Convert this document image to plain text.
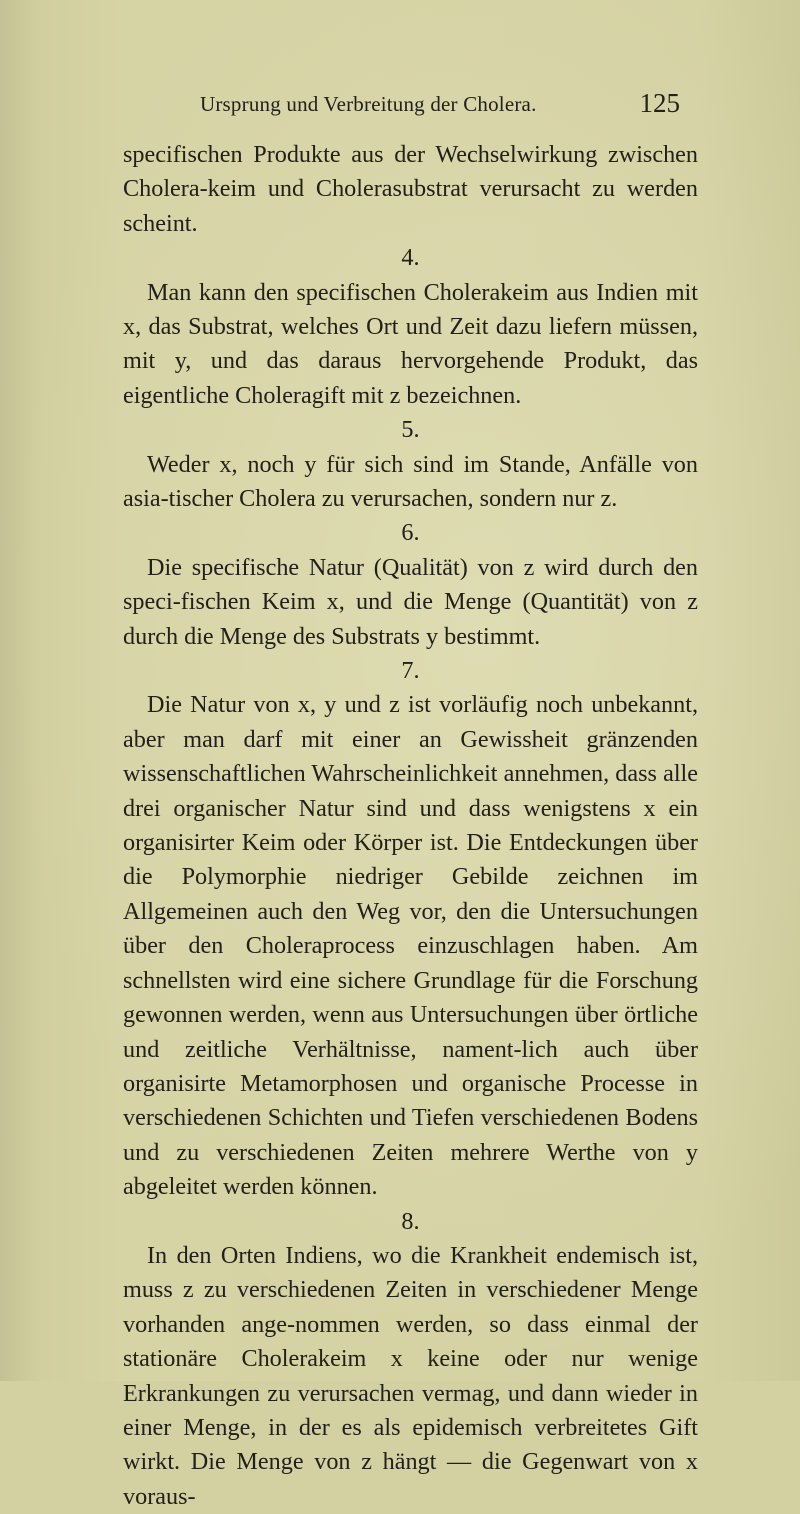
Ursprung und Verbreitung der Cholera.	125

specifischen Produkte aus der Wechselwirkung zwischen Cholera-keim und Cholerasubstrat verursacht zu werden scheint.

4.

Man kann den specifischen Cholerakeim aus Indien mit x, das Substrat, welches Ort und Zeit dazu liefern müssen, mit y, und das daraus hervorgehende Produkt, das eigentliche Choleragift mit z bezeichnen.

5.

Weder x, noch y für sich sind im Stande, Anfälle von asia-tischer Cholera zu verursachen, sondern nur z.

6.

Die specifische Natur (Qualität) von z wird durch den speci-fischen Keim x, und die Menge (Quantität) von z durch die Menge des Substrats y bestimmt.

7.

Die Natur von x, y und z ist vorläufig noch unbekannt, aber man darf mit einer an Gewissheit gränzenden wissenschaftlichen Wahrscheinlichkeit annehmen, dass alle drei organischer Natur sind und dass wenigstens x ein organisirter Keim oder Körper ist. Die Entdeckungen über die Polymorphie niedriger Gebilde zeichnen im Allgemeinen auch den Weg vor, den die Untersuchungen über den Choleraprocess einzuschlagen haben. Am schnellsten wird eine sichere Grundlage für die Forschung gewonnen werden, wenn aus Untersuchungen über örtliche und zeitliche Verhältnisse, nament-lich auch über organisirte Metamorphosen und organische Processe in verschiedenen Schichten und Tiefen verschiedenen Bodens und zu verschiedenen Zeiten mehrere Werthe von y abgeleitet werden können.

8.

In den Orten Indiens, wo die Krankheit endemisch ist, muss z zu verschiedenen Zeiten in verschiedener Menge vorhanden ange-nommen werden, so dass einmal der stationäre Cholerakeim x keine oder nur wenige Erkrankungen zu verursachen vermag, und dann wieder in einer Menge, in der es als epidemisch verbreitetes Gift wirkt. Die Menge von z hängt — die Gegenwart von x voraus-
